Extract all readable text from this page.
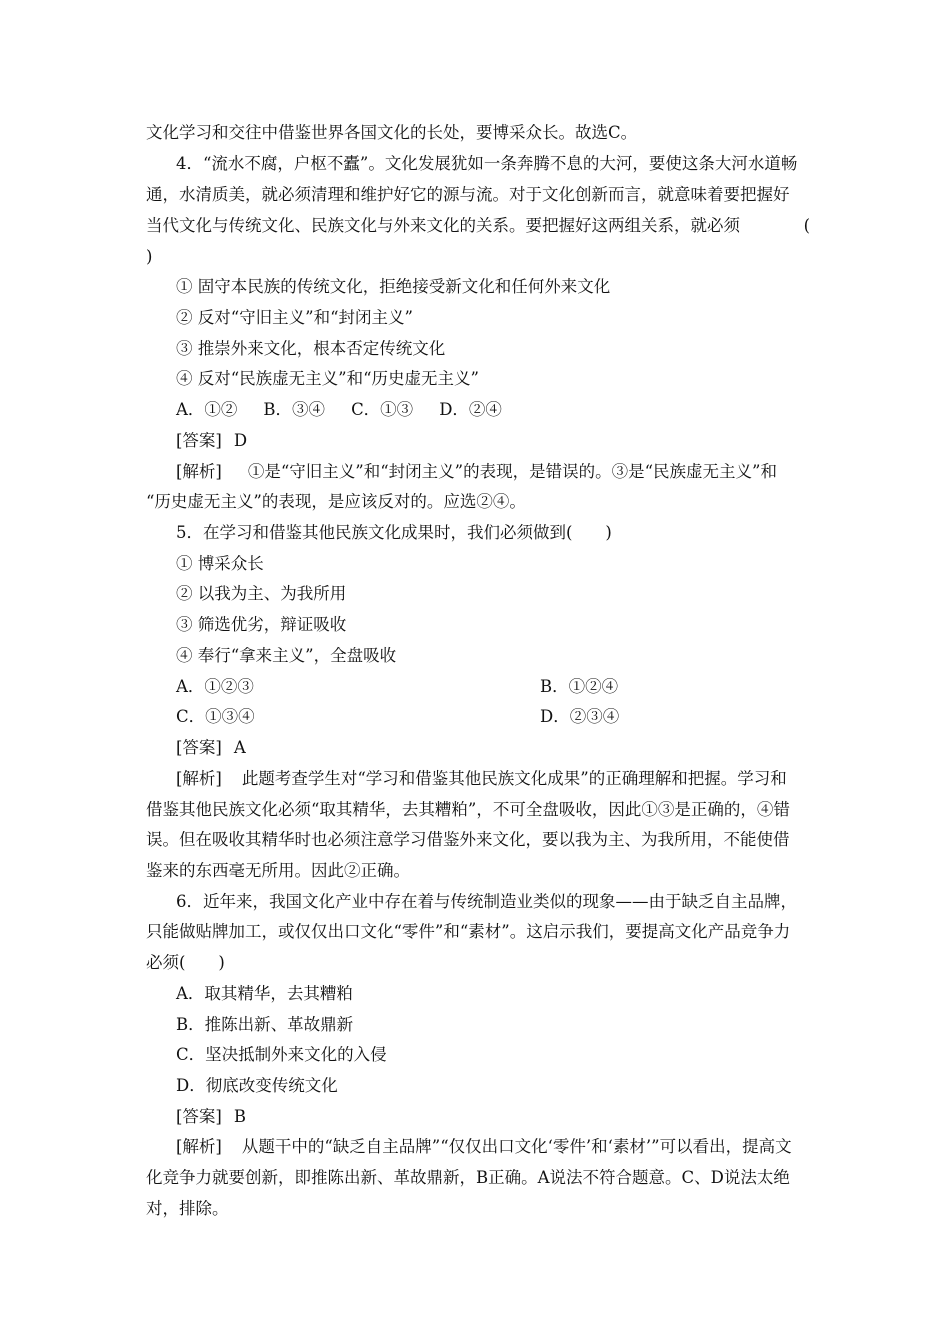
文化学习和交往中借鉴世界各国文化的长处，要博采众长。故选C。
4．“流水不腐，户枢不蠹”。文化发展犹如一条奔腾不息的大河，要使这条大河水道畅
通，水清质美，就必须清理和维护好它的源与流。对于文化创新而言，就意味着要把握好
当代文化与传统文化、民族文化与外来文化的关系。要把握好这两组关系，就必须	(
)
① 固守本民族的传统文化，拒绝接受新文化和任何外来文化
② 反对“守旧主义”和“封闭主义”
③ 推崇外来文化，根本否定传统文化
④ 反对“民族虚无主义”和“历史虚无主义”
A．①② B．③④ C．①③ D．②④
[答案] D
[解析] ①是“守旧主义”和“封闭主义”的表现，是错误的。③是“民族虚无主义”和
“历史虚无主义”的表现，是应该反对的。应选②④。
5．在学习和借鉴其他民族文化成果时，我们必须做到(　　)
① 博采众长
② 以我为主、为我所用
③ 筛选优劣，辩证吸收
④ 奉行“拿来主义”，全盘吸收
A．①②③	B．①②④
C．①③④	D．②③④
[答案] A
[解析] 此题考查学生对“学习和借鉴其他民族文化成果”的正确理解和把握。学习和
借鉴其他民族文化必须“取其精华，去其糟粕”，不可全盘吸收，因此①③是正确的，④错
误。但在吸收其精华时也必须注意学习借鉴外来文化，要以我为主、为我所用，不能使借
鉴来的东西毫无所用。因此②正确。
6．近年来，我国文化产业中存在着与传统制造业类似的现象——由于缺乏自主品牌，
只能做贴牌加工，或仅仅出口文化“零件”和“素材”。这启示我们，要提高文化产品竞争力
必须(　　)
A．取其精华，去其糟粕
B．推陈出新、革故鼎新
C．坚决抵制外来文化的入侵
D．彻底改变传统文化
[答案] B
[解析] 从题干中的“缺乏自主品牌”“仅仅出口文化‘零件’和‘素材’”可以看出，提高文
化竞争力就要创新，即推陈出新、革故鼎新，B正确。A说法不符合题意。C、D说法太绝
对，排除。
